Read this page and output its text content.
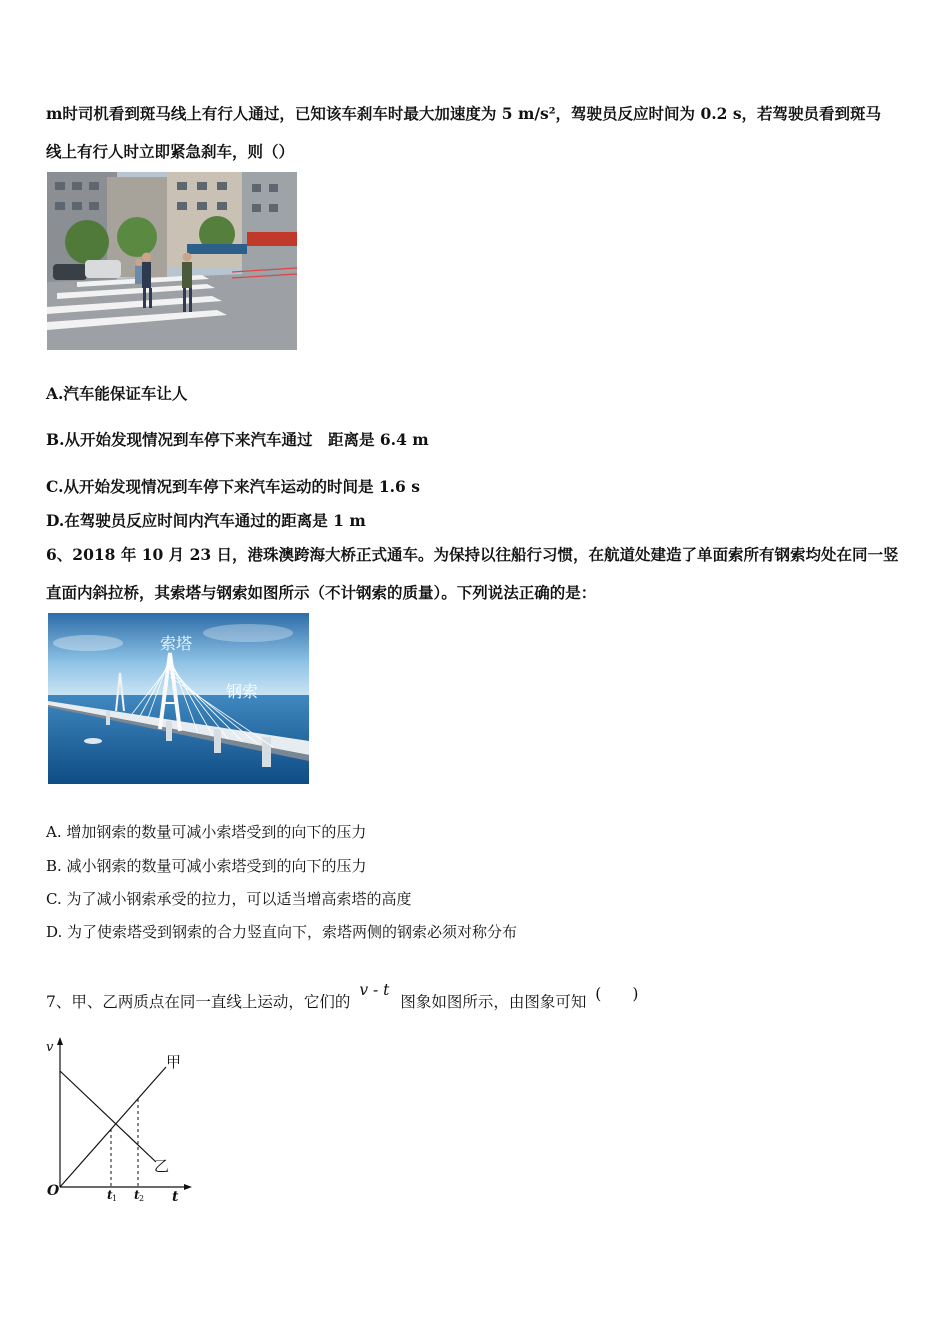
m时司机看到斑马线上有行人通过，已知该车刹车时最大加速度为 5 m/s²，驾驶员反应时间为 0.2 s，若驾驶员看到斑马
线上有行人时立即紧急刹车，则（）
A.汽车能保证车让人
B.从开始发现情况到车停下来汽车通过　距离是 6.4 m
C.从开始发现情况到车停下来汽车运动的时间是 1.6 s
D.在驾驶员反应时间内汽车通过的距离是 1 m
6、2018 年 10 月 23 日，港珠澳跨海大桥正式通车。为保持以往船行习惯，在航道处建造了单面索所有钢索均处在同一竖
直面内斜拉桥，其索塔与钢索如图所示（不计钢索的质量）。下列说法正确的是：
索塔
钢索
A. 增加钢索的数量可减小索塔受到的向下的压力
B. 减小钢索的数量可减小索塔受到的向下的压力
C. 为了减小钢索承受的拉力，可以适当增高索塔的高度
D. 为了使索塔受到钢索的合力竖直向下，索塔两侧的钢索必须对称分布
7、甲、乙两质点在同一直线上运动，它们的 v - t 图象如图所示，由图象可知 (　　)
v
t
O	t 1 t 2
甲
乙
